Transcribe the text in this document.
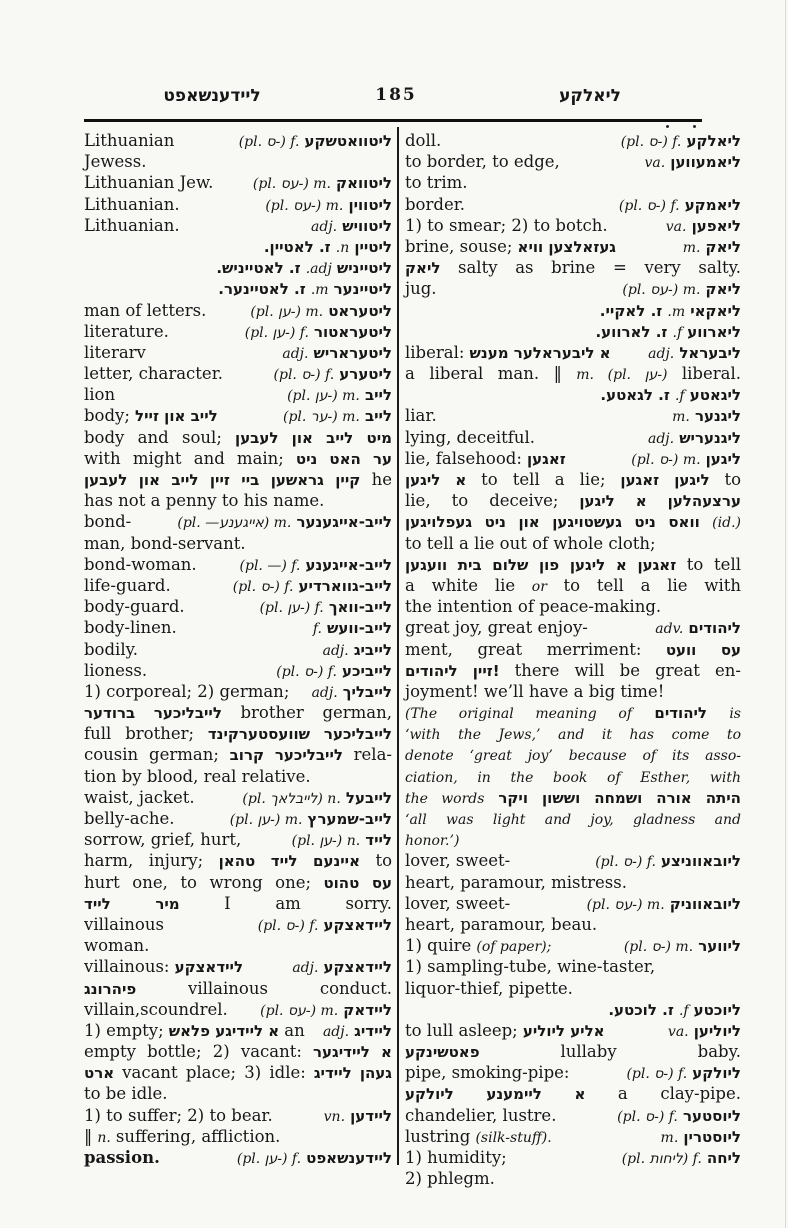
ליידענשאפט	185	ליאלקע
Lithuanian	(pl. ‏-ס) f. ליטוואטשקע
Jewess.
Lithuanian Jew.	(pl. ‏-עס) m. ליטוואק
Lithuanian.	(pl. ‏-עס) m. ליטווין
Lithuanian.	adj. ליטוויש
ליטיין n. ז. לאטיין.
ליטייניש adj. ז. לאטייניש.
ליטיינער m. ז. לאטיינער.
man of letters.	(pl. ‏-ען) m. ליטעראט
literature.	(pl. ‏-ען) f. ליטעראטור
literarv	adj. ליטעראריש
letter, character.	(pl. ‏-ס) f. ליטערע
lion	(pl. ‏-ען) m. לייב
body; לייב און זייל	(pl. ‏-ער) m. לייב
body and soul; מיט לייב און לעבען
with might and main; ער האט ניט
קיין גראשען ביי זיין לייב און לעבען he
has not a penny to his name.
bond-	(pl. אייגענע—‏) m. לייב-אייגענער
man, bond-servant.
bond-woman.	(pl. —) f. לייב-אייגענע
life-guard.	(pl. ‏-ס) f. לייב-גווארדיע
body-guard.	(pl. ‏-ען) f. לייב-וואך
body-linen.	f. לייב-וועש
bodily.	adj. לייביג
lioness.	(pl. ‏-ס) f. לייביכע
1) corporeal; 2) german; adj. לייבליך
לייבליכער ברודער brother german,
full brother; לייבליכער שוועסטערקינד
cousin german; לייבליכער קרוב rela-
tion by blood, real relative.
waist, jacket.	(pl. לייבלאך) n. לייבעל
belly-ache.	(pl. ‏-ען) m. לייב-שמערץ
sorrow, grief, hurt,	(pl. ‏-ען) n. לייד
harm, injury; איינעם לייד טהאן to
hurt one, to wrong one; עס טהוט
מיר לייד	I am sorry.
villainous	(pl. ‏-ס) f. ליידאצקע
woman.
villainous: ליידאצקע	adj. ליידאצקע
פיהרונג	villainous conduct.
villain,scoundrel. (pl. ‏-עס) m. ליידאק
1) empty; א ליידיגע פלאש an adj. ליידיג
empty bottle; 2) vacant: א ליידיגער
ארט vacant place; 3) idle: געהן ליידיג
to be idle.
1) to suffer; 2) to bear.	vn. ליידען
‖ n. suffering, affliction.
passion.	(pl. ‏-ען) f. ליידענשאפט
doll.	(pl. ‏-ס) f. ליאלקע
to border, to edge,	va. ליאמעווען
to trim.
border.	(pl. ‏-ס) f. ליאמקע
1) to smear; 2) to botch.	va. ליאפען
brine, souse; געזאלצען וויא	m. ליאק
ליאק salty as brine = very salty.
jug.	(pl. ‏-עס) m. ליאק
ליאקאי m. ז. לאקיי.
ליארווע f. ז. לארווע.
liberal: א ליבעראלער מענש	adj. ליבעראל
a liberal man. ‖ m. (pl. ‏-ען) liberal.
ליגאטע f. ז. לגאטע.
liar.	m. ליגנער
lying, deceitful.	adj. ליגנעריש
lie, falsehood: זאגען	(pl. ‏-ס) m. ליגען
א ליגען to tell a lie; ליגען זאגען to
lie, to deceive; ערצעהלען א ליגען
וואס ניט געשטויגען און ניט געפלויגען (id.)
to tell a lie out of whole cloth;
זאגען א ליגען פון שלום בית וועגען to tell
a white lie or to tell a lie with
the intention of peace-making.
great joy, great enjoy-	adv. ליהודים
ment, great merriment: עס וועט
זיין ליהודים! there will be great en-
joyment! we’ll have a big time!
(The original meaning of ליהודים is
‘with the Jews,’ and it has come to
denote ‘great joy’ because of its asso-
ciation, in the book of Esther, with
the words היתה אורה ושמחה וששון ויקר
‘all was light and joy, gladness and
honor.’)
lover, sweet-	(pl. ‏-ס) f. ליובאווניצע
heart, paramour, mistress.
lover, sweet-	(pl. ‏-עס) m. ליובאווניק
heart, paramour, beau.
1) quire (of paper);	(pl. ‏-ס) m. ליווער
1) sampling-tube, wine-taster,
liquor-thief, pipette.
ליוכטע f. ז. לוכטע.
to lull asleep; אליע ליוליע	va. ליוליען
פאטשינקע	lullaby baby.
pipe, smoking-pipe:	(pl. ‏-ס) f. ליולקע
א ליימענע ליולקע a clay-pipe.
chandelier, lustre.	(pl. ‏-ס) f. ליוסטער
lustring (silk-stuff).	m. ליוסטרין
1) humidity;	(pl. ליחות) f. ליחה
2) phlegm.
